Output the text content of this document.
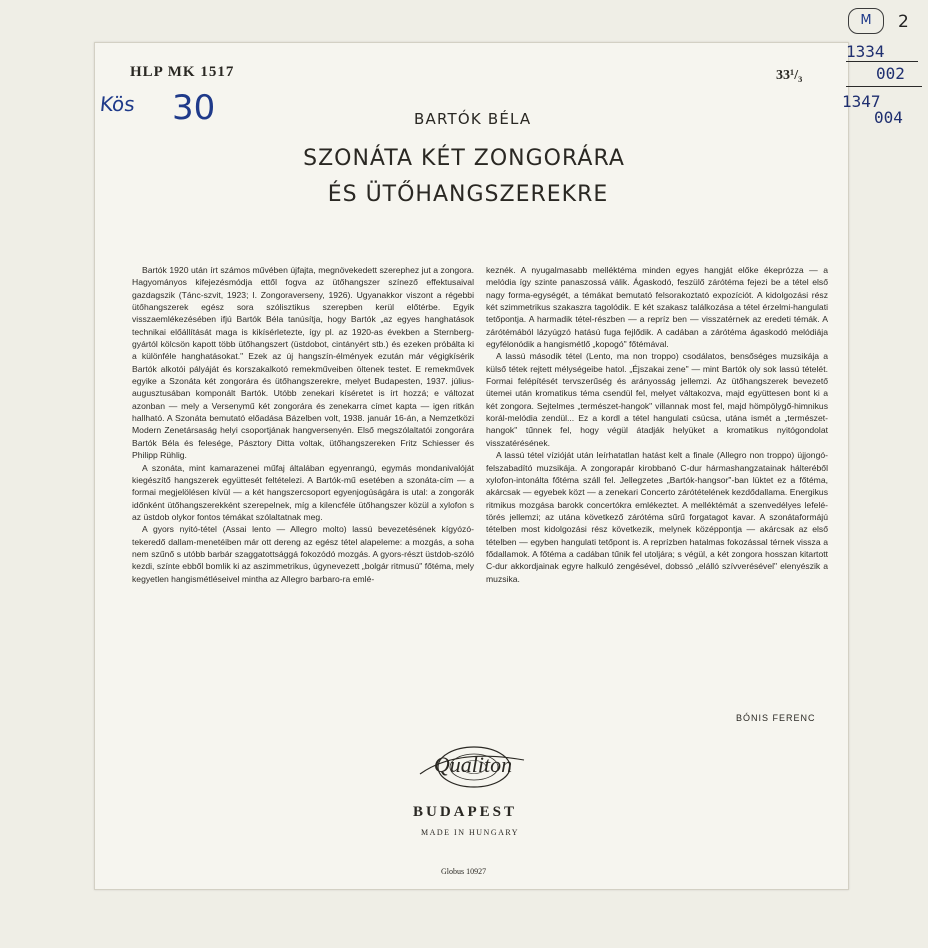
M	2
1334
002
1347
004
HLP MK 1517	33¹/₃
Kös 30	BARTÓK BÉLA
SZONÁTA KÉT ZONGORÁRA
ÉS ÜTŐHANGSZEREKRE

Bartók 1920 után írt számos művében újfajta, megnövekedett szerephez jut a zongora. Hagyományos kifejezésmódja ettől fogva az ütőhangszer színező effektusaival gazdagszik (Tánc-szvit, 1923; I. Zongoraverseny, 1926). Ugyanakkor viszont a régebbi ütőhangszerek egész sora szólisztikus szerepben kerül előtérbe. Egyik visszaemlékezésében ifjú Bartók Béla tanúsítja, hogy Bartók „az egyes hanghatások technikai előállítását maga is kikísérletezte, így pl. az 1920-as években a Sternberg-gyártól kölcsön kapott több ütőhangszert (üstdobot, cintányért stb.) és ezeken próbálta ki a különféle hanghatásokat." Ezek az új hangszín-élmények ezután már végigkísérik Bartók alkotói pályáját és korszakalkotó remekműveiben öltenek testet. E remekművek egyike a Szonáta két zongorára és ütőhangszerekre, melyet Budapesten, 1937. július-augusztusában komponált Bartók. Utóbb zenekari kíséretet is írt hozzá; e változat azonban — mely a Versenymű két zongorára és zenekarra címet kapta — igen ritkán hallható. A Szonáta bemutató előadása Bázelben volt, 1938. január 16-án, a Nemzetközi Modern Zenetársaság helyi csoportjának hangversenyén. Első megszólaltatói zongorára Bartók Béla és felesége, Pásztory Ditta voltak, ütőhangszereken Fritz Schiesser és Philipp Rühlig.

A szonáta, mint kamarazenei műfaj általában egyenrangú, egymás mondanivalóját kiegészítő hangszerek együttesét feltételezi. A Bartók-mű esetében a szonáta-cím — a formai megjelölésen kívül — a két hangszercsoport egyenjogúságára is utal: a zongorák időnként ütőhangszerekként szerepelnek, míg a kilencféle ütőhangszer közül a xylofon s az üstdob olykor fontos témákat szólaltatnak meg.

A gyors nyitó-tétel (Assai lento — Allegro molto) lassú bevezetésének kígyózó-tekeredő dallam-menetéiben már ott dereng az egész tétel alapeleme: a mozgás, a soha nem szűnő s utóbb barbár szaggatottsággá fokozódó mozgás. A gyors-részt üstdob-szóló kezdi, színte ebből bomlik ki az aszimmetrikus, úgynevezett „bolgár ritmusú" főtéma, mely kegyetlen hangismétléseivel mintha az Allegro barbaro-ra emlé-

keznék. A nyugalmasabb melléktéma minden egyes hangját előke ékeprózza — a melódia így szinte panaszossá válik. Ágaskodó, feszülő zárótéma fejezi be a tétel első nagy forma-egységét, a témákat bemutató felsorakoztató expozíciót. A kidolgozási rész két szimmetrikus szakaszra tagolódik. E két szakasz találkozása a tétel érzelmi-hangulati tetőpontja. A harmadik tétel-részben — a repríz ben — visszatérnek az eredeti témák. A zárótémából lázyúgzó hatású fuga fejlődik. A cadában a zárótéma ágaskodó melódiája egyfélonódik a hangismétlő „kopogó" főtémával.

A lassú második tétel (Lento, ma non troppo) csodálatos, bensőséges muzsikája a külső tétek rejtett mélységeibe hatol. „Éjszakai zene" — mint Bartók oly sok lassú tételét. Formai felépítését tervszerűség és arányosság jellemzi. Az ütőhangszerek bevezető ütemei után kromatikus téma csendül fel, melyet váltakozva, majd együttesen bont ki a két zongora. Sejtelmes „természet-hangok" villannak most fel, majd hömpölygő-himnikus korál-melódia zendül... Ez a kordl a tétel hangulati csúcsa, utána ismét a „természet-hangok" tűnnek fel, hogy végül átadják helyüket a kromatikus nyitógondolat visszatérésének.

A lassú tétel vízióját után leírhatatlan hatást kelt a finale (Allegro non troppo) üjjongó-felszabadító muzsikája. A zongorapár kirobbanó C-dur hármashangzatainak hálteréből xylofon-intonálta főtéma száll fel. Jellegzetes „Bartók-hangsor"-ban lüktet ez a főtéma, akárcsak — egyebek közt — a zenekari Concerto zárótételének kezdődallama. Energikus ritmikus mozgása barokk concertókra emlékeztet. A melléktémát a szenvedélyes lefelé-törés jellemzi; az utána következő zárótéma sűrű forgatagot kavar. A szonátaformájú tételben most kidolgozási rész következik, melynek középpontja — akárcsak az első tételben — egyben hangulati tetőpont is. A reprízben hatalmas fokozással térnek vissza a fődallamok. A főtéma a cadában tűnik fel utoljára; s végül, a két zongora hosszan kitartott C-dur akkordjainak egyre halkuló zengésével, dobssó „elálló szívverésével" elenyészik a muzsika.

BÓNIS FERENC
Qualiton
BUDAPEST
MADE IN HUNGARY
Globus 10927
